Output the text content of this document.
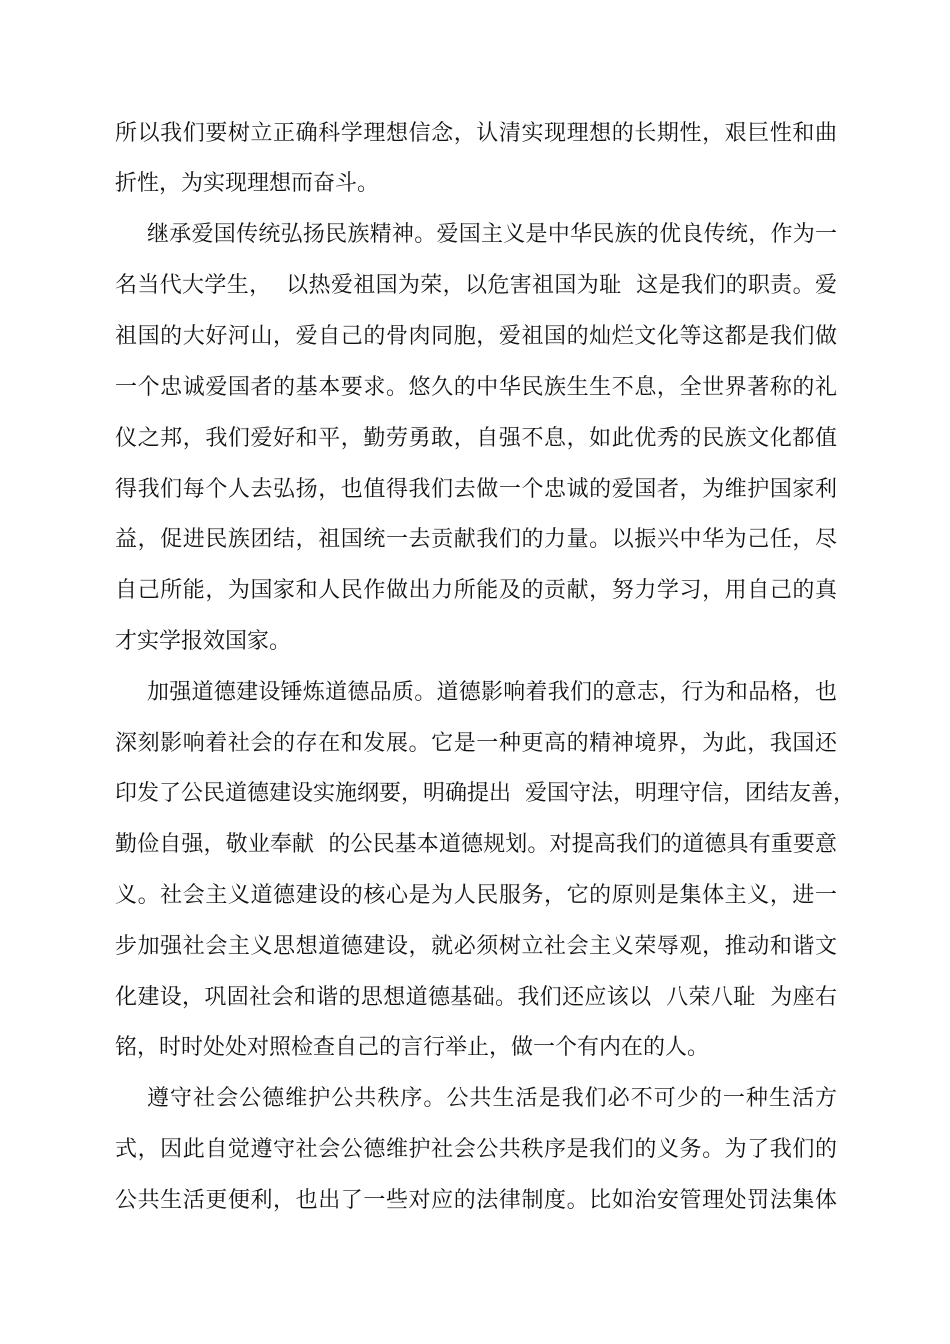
所以我们要树立正确科学理想信念，认清实现理想的长期性，艰巨性和曲
折性，为实现理想而奋斗。
继承爱国传统弘扬民族精神。爱国主义是中华民族的优良传统，作为一
名当代大学生，  以热爱祖国为荣，以危害祖国为耻  这是我们的职责。爱
祖国的大好河山，爱自己的骨肉同胞，爱祖国的灿烂文化等这都是我们做
一个忠诚爱国者的基本要求。悠久的中华民族生生不息，全世界著称的礼
仪之邦，我们爱好和平，勤劳勇敢，自强不息，如此优秀的民族文化都值
得我们每个人去弘扬，也值得我们去做一个忠诚的爱国者，为维护国家利
益，促进民族团结，祖国统一去贡献我们的力量。以振兴中华为己任，尽
自己所能，为国家和人民作做出力所能及的贡献，努力学习，用自己的真
才实学报效国家。
加强道德建设锤炼道德品质。道德影响着我们的意志，行为和品格，也
深刻影响着社会的存在和发展。它是一种更高的精神境界，为此，我国还
印发了公民道德建设实施纲要，明确提出  爱国守法，明理守信，团结友善，
勤俭自强，敬业奉献  的公民基本道德规划。对提高我们的道德具有重要意
义。社会主义道德建设的核心是为人民服务，它的原则是集体主义，进一
步加强社会主义思想道德建设，就必须树立社会主义荣辱观，推动和谐文
化建设，巩固社会和谐的思想道德基础。我们还应该以  八荣八耻  为座右
铭，时时处处对照检查自己的言行举止，做一个有内在的人。
遵守社会公德维护公共秩序。公共生活是我们必不可少的一种生活方
式，因此自觉遵守社会公德维护社会公共秩序是我们的义务。为了我们的
公共生活更便利，也出了一些对应的法律制度。比如治安管理处罚法集体
